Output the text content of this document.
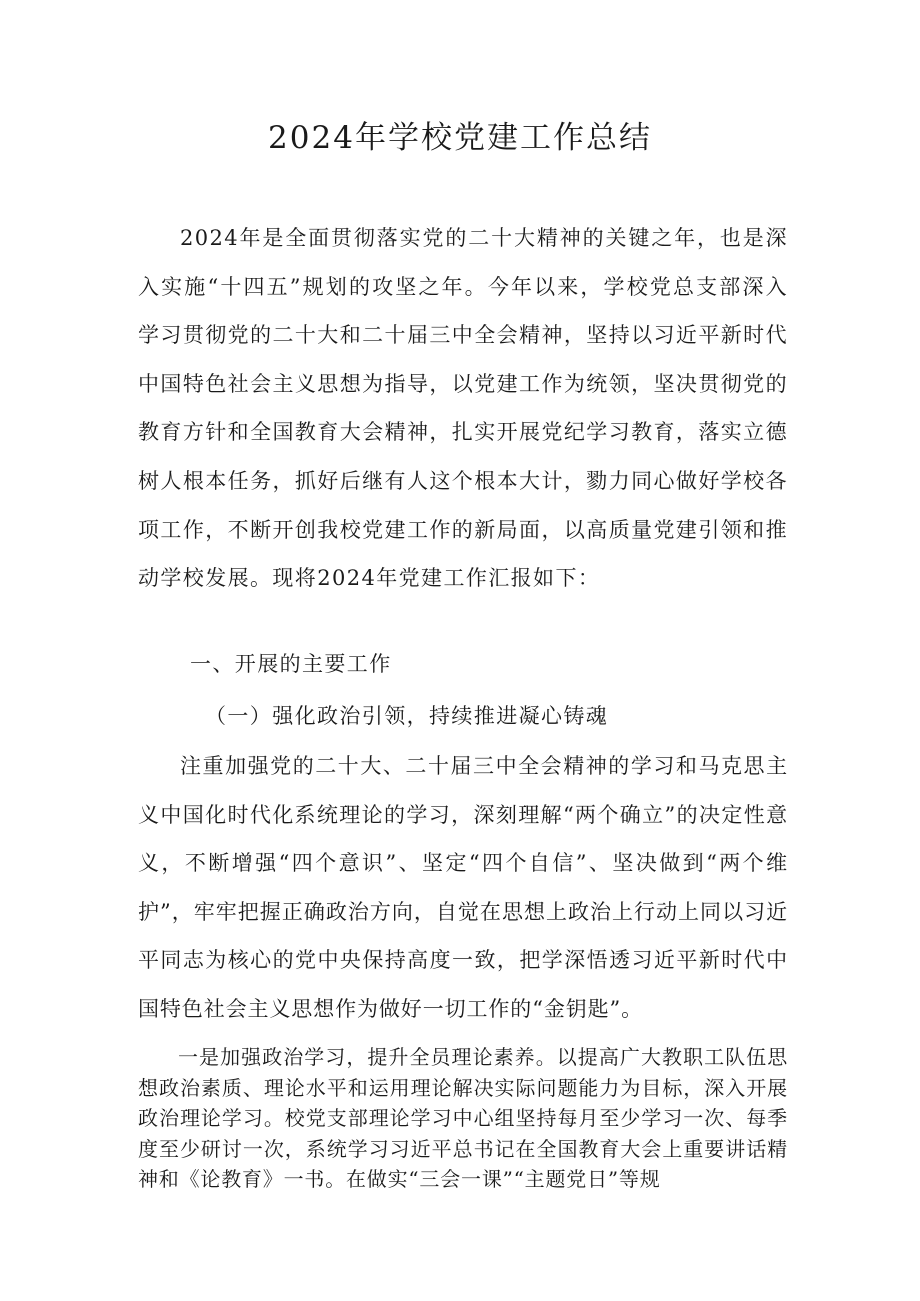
2024年学校党建工作总结

2024年是全面贯彻落实党的二十大精神的关键之年，也是深入实施“十四五”规划的攻坚之年。今年以来，学校党总支部深入学习贯彻党的二十大和二十届三中全会精神，坚持以习近平新时代中国特色社会主义思想为指导，以党建工作为统领，坚决贯彻党的教育方针和全国教育大会精神，扎实开展党纪学习教育，落实立德树人根本任务，抓好后继有人这个根本大计，勠力同心做好学校各项工作，不断开创我校党建工作的新局面，以高质量党建引领和推动学校发展。现将2024年党建工作汇报如下：

一、开展的主要工作

（一）强化政治引领，持续推进凝心铸魂

注重加强党的二十大、二十届三中全会精神的学习和马克思主义中国化时代化系统理论的学习，深刻理解“两个确立”的决定性意义，不断增强“四个意识”、坚定“四个自信”、坚决做到“两个维护”，牢牢把握正确政治方向，自觉在思想上政治上行动上同以习近平同志为核心的党中央保持高度一致，把学深悟透习近平新时代中国特色社会主义思想作为做好一切工作的“金钥匙”。

一是加强政治学习，提升全员理论素养。以提高广大教职工队伍思想政治素质、理论水平和运用理论解决实际问题能力为目标，深入开展政治理论学习。校党支部理论学习中心组坚持每月至少学习一次、每季度至少研讨一次，系统学习习近平总书记在全国教育大会上重要讲话精神和《论教育》一书。在做实“三会一课”“主题党日”等规
